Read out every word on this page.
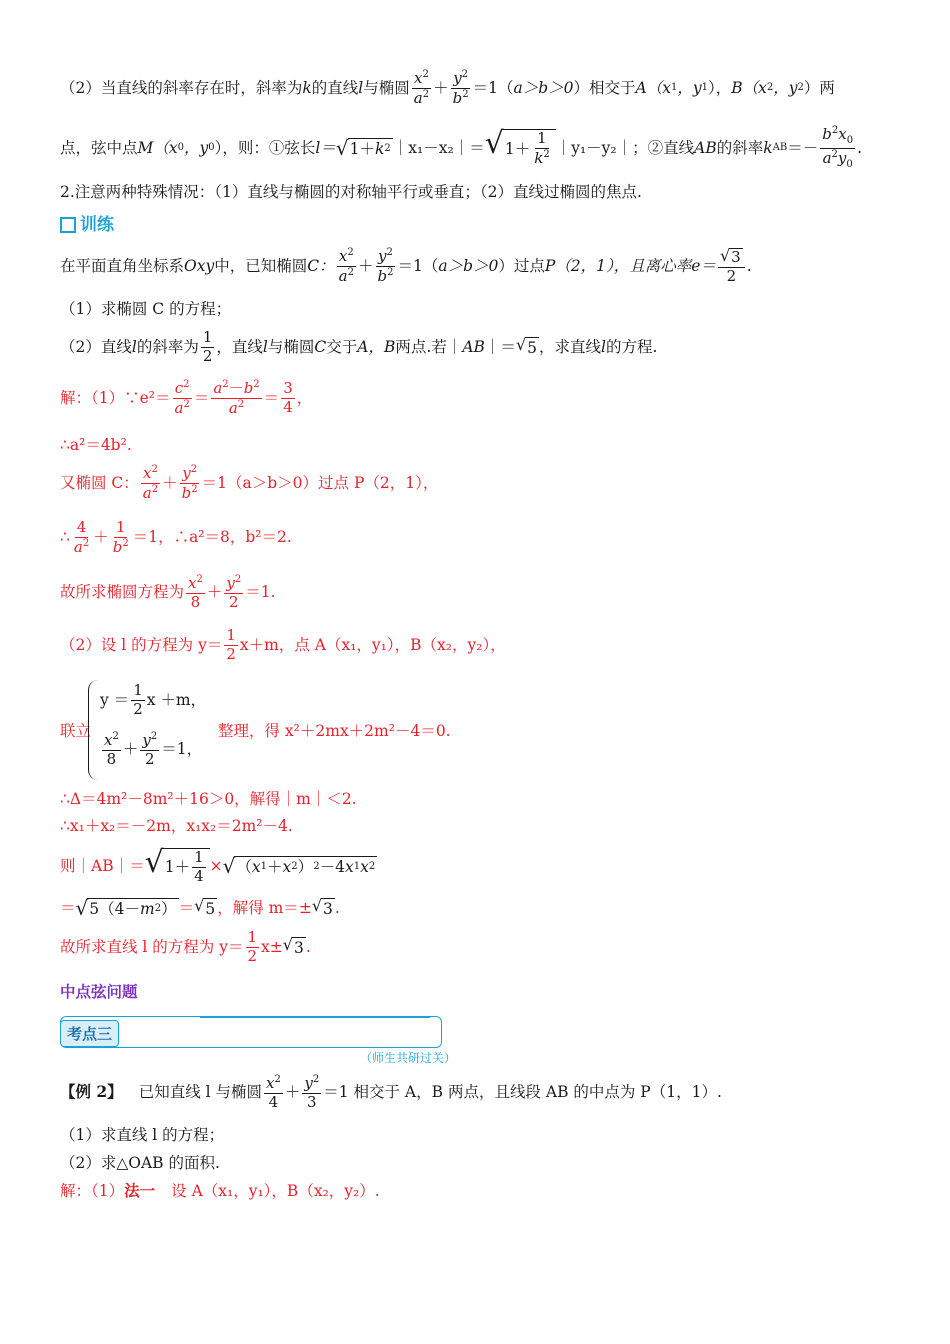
（2）当直线的斜率存在时，斜率为 k 的直线 l 与椭圆 $\frac{x^2}{a^2} + \frac{y^2}{b^2} =1$（ a＞b＞0 ）相交于 A（x 1 ，y 1 ）， B（x 2 ，y 2 ）两
点，弦中点 M（x 0 ，y 0 ），则：①弦长 l＝ √ 1＋ k 2 ｜x₁－x₂｜＝ √ $1+ \frac{1}{k^2}$ ｜y₁－y₂｜；②直线 AB 的斜率 k AB ＝－ $\frac{b^2x_0}{a^2y_0}$ .
2.注意两种特殊情况：（1）直线与椭圆的对称轴平行或垂直；（2）直线过椭圆的焦点.
训练
在平面直角坐标系 Oxy 中，已知椭圆 C： $\frac{x^2}{a^2} + \frac{y^2}{b^2} =1$（ a＞b＞0 ）过点 P（2，1），且离心率 $e= \frac{√ 3}{2}$ .
（1）求椭圆 C 的方程；
（2）直线 l 的斜率为 $\frac{1}{2}$ ，直线 l 与椭圆 C 交于 A，B 两点.若｜ AB ｜＝ √ 5 ，求直线 l 的方程.
解：（1）∵e²＝ $\frac{c^2}{a^2} = \frac{a^2-b^2}{a^2} = \frac{3}{4}$ ，
∴a²＝4b².
又椭圆 C： $\frac{x^2}{a^2} + \frac{y^2}{b^2} =1(a>b>0)$过点 P（2，1），
∴ $\frac{4}{a^2} + \frac{1}{b^2} =1$，∴a²＝8，b²＝2.
故所求椭圆方程为 $\frac{x^2}{8} + \frac{y^2}{2} =1$.
（2）设 l 的方程为 $y= \frac{1}{2} x+m$，点 A（x₁，y₁），B（x₂，y₂），
联立
$y = \frac{1}{2}$ x ＋m，
$\frac{x^2}{8} + \frac{y^2}{2} =1$，
整理，得 x²＋2mx＋2m²－4＝0.
∴Δ＝4m²－8m²＋16＞0，解得｜m｜＜2.
∴x₁＋x₂＝－2m，x₁x₂＝2m²－4.
则｜AB｜＝ √ $1+ \frac{1}{4}$ × √ （ x 1 ＋ x 2 ） 2 －4 x 1 x 2
＝ √ 5（4－ m 2 ） ＝ √ 5 ，解得 m＝± √ 3 .
故所求直线 l 的方程为 $y= \frac{1}{2} x\pm$ √ 3 .
中点弦问题
考点三
（师生共研过关）
【例 2】 已知直线 l 与椭圆 $\frac{x^2}{4} + \frac{y^2}{3} =1$ 相交于 A，B 两点，且线段 AB 的中点为 P（1，1）.
（1）求直线 l 的方程；
（2）求△OAB 的面积.
解：（1） 法一 设 A（x₁，y₁），B（x₂，y₂）.
